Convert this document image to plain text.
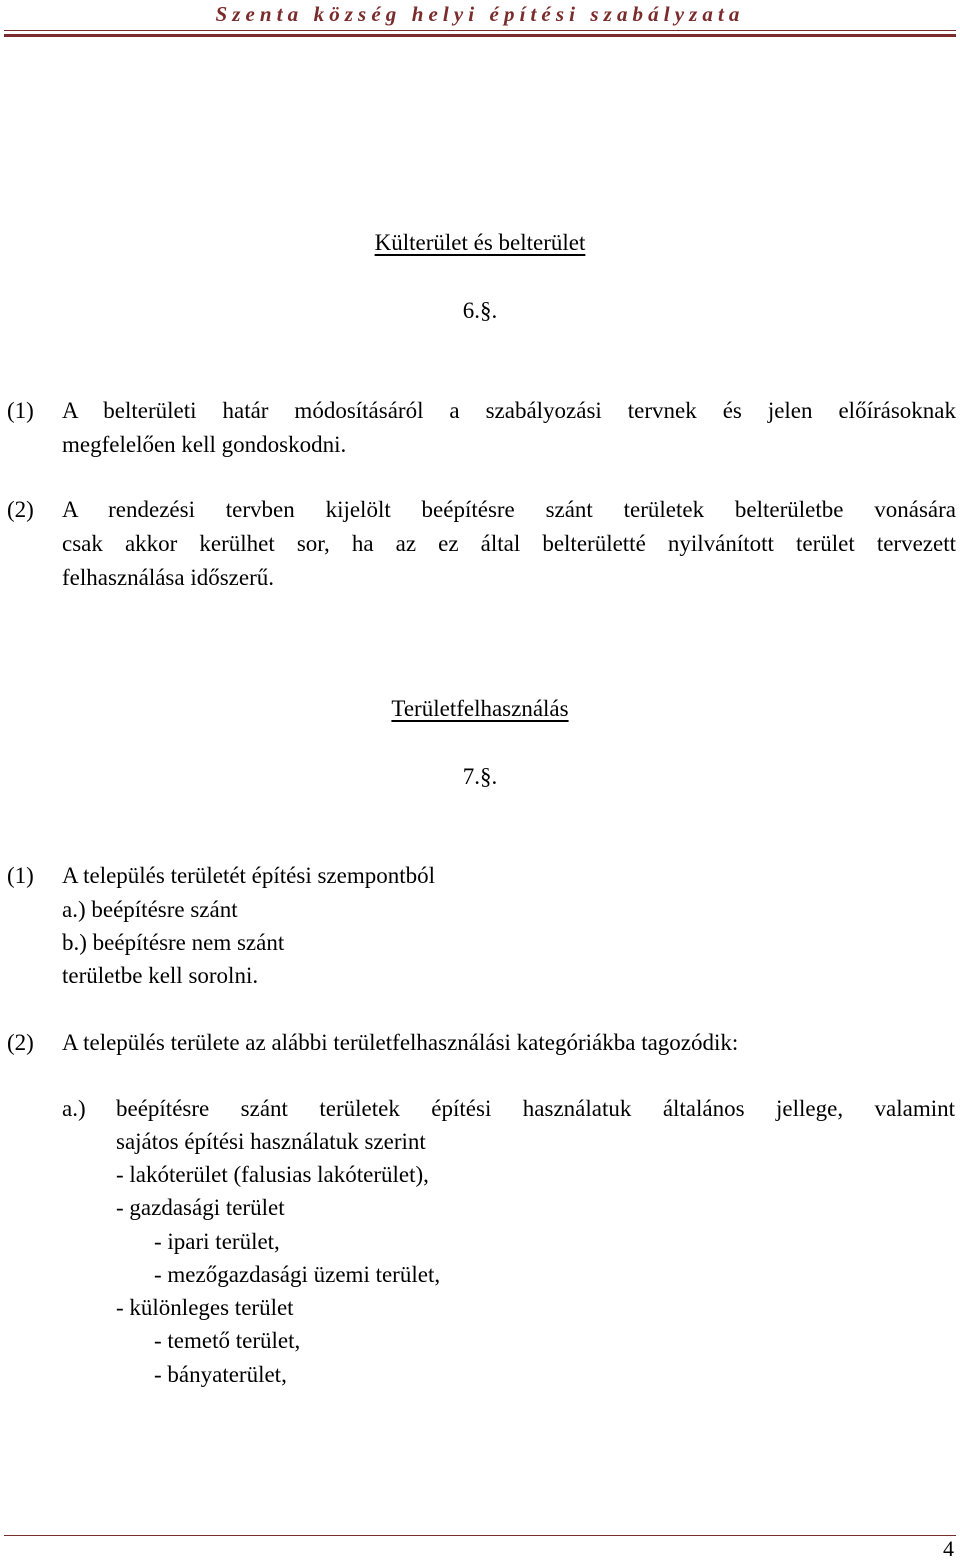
Szenta község helyi építési szabályzata
Külterület és belterület
6.§.
(1) A belterületi határ módosításáról a szabályozási tervnek és jelen előírásoknak
megfelelően kell gondoskodni.
(2) A rendezési tervben kijelölt beépítésre szánt területek belterületbe vonására
csak akkor kerülhet sor, ha az ez által belterületté nyilvánított terület tervezett
felhasználása időszerű.
Területfelhasználás
7.§.
(1) A település területét építési szempontból
a.) beépítésre szánt
b.) beépítésre nem szánt
területbe kell sorolni.
(2) A település területe az alábbi területfelhasználási kategóriákba tagozódik:
a.) beépítésre szánt területek építési használatuk általános jellege, valamint
sajátos építési használatuk szerint
- lakóterület (falusias lakóterület),
- gazdasági terület
- ipari terület,
- mezőgazdasági üzemi terület,
- különleges terület
- temető terület,
- bányaterület,
4
